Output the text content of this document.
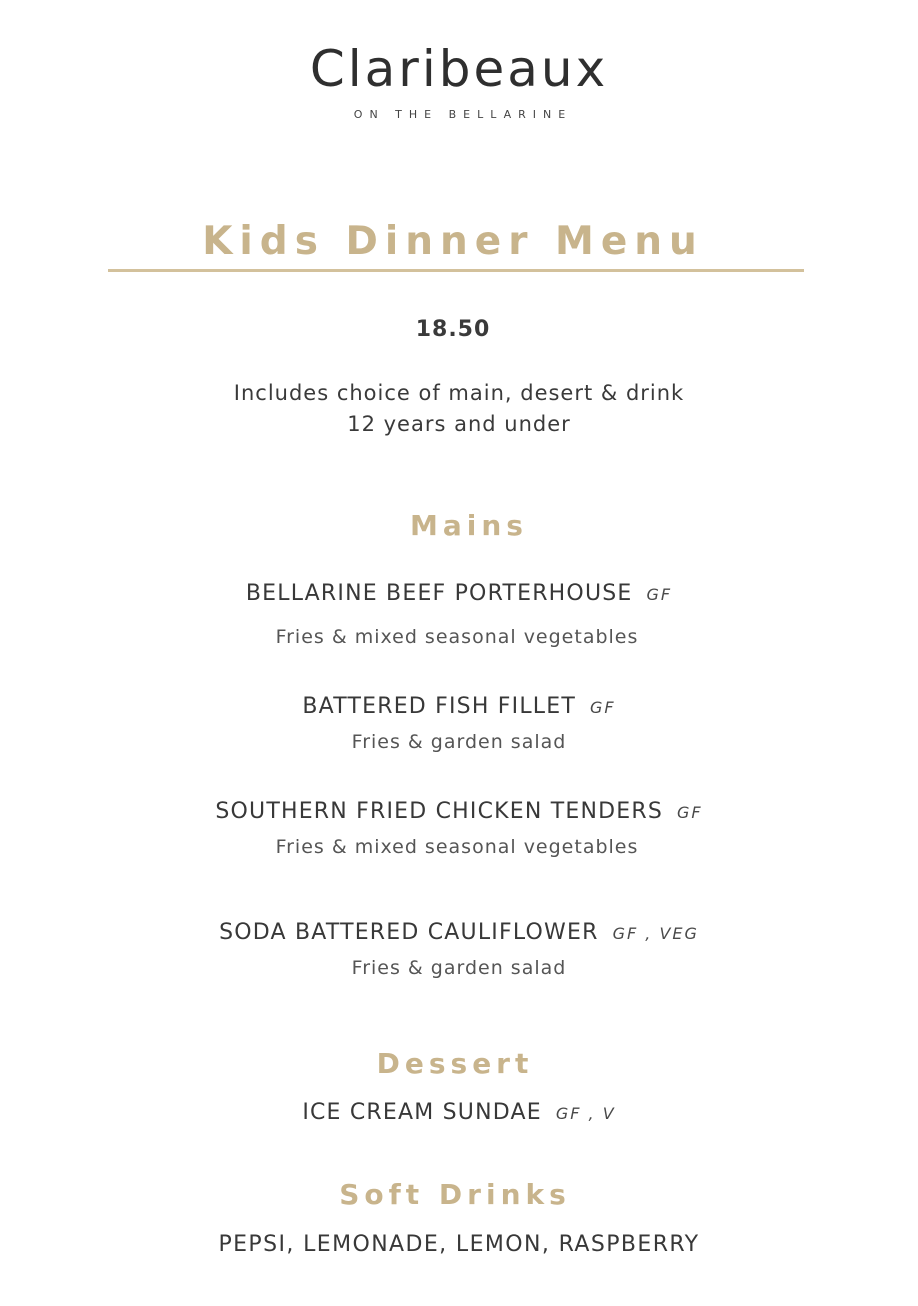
Claribeaux
ON THE BELLARINE
Kids Dinner Menu
18.50
Includes choice of main, desert & drink
12 years and under
Mains
BELLARINE BEEF PORTERHOUSE GF
Fries & mixed seasonal vegetables
BATTERED FISH FILLET GF
Fries & garden salad
SOUTHERN FRIED CHICKEN TENDERS GF
Fries & mixed seasonal vegetables
SODA BATTERED CAULIFLOWER GF , VEG
Fries & garden salad
Dessert
ICE CREAM SUNDAE GF , V
Soft Drinks
PEPSI, LEMONADE, LEMON, RASPBERRY
